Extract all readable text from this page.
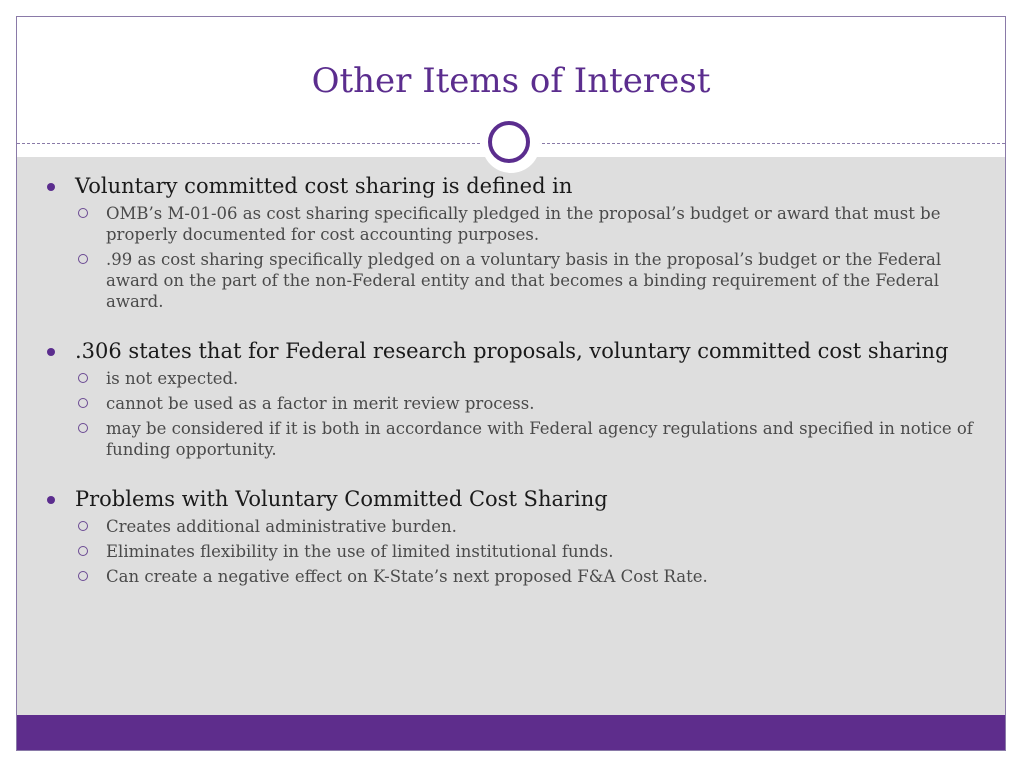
Other Items of Interest
Voluntary committed cost sharing is defined in
OMB’s M-01-06 as cost sharing specifically pledged in the proposal’s budget or award that must be properly documented for cost accounting purposes.
.99 as cost sharing specifically pledged on a voluntary basis in the proposal’s budget or the Federal award on the part of the non-Federal entity and that becomes a binding requirement of the Federal award.
.306 states that for Federal research proposals, voluntary committed cost sharing
is not expected.
cannot be used as a factor in merit review process.
may be considered if it is both in accordance with Federal agency regulations and specified in notice of funding opportunity.
Problems with Voluntary Committed Cost Sharing
Creates additional administrative burden.
Eliminates flexibility in the use of limited institutional funds.
Can create a negative effect on K-State’s next proposed F&A Cost Rate.
